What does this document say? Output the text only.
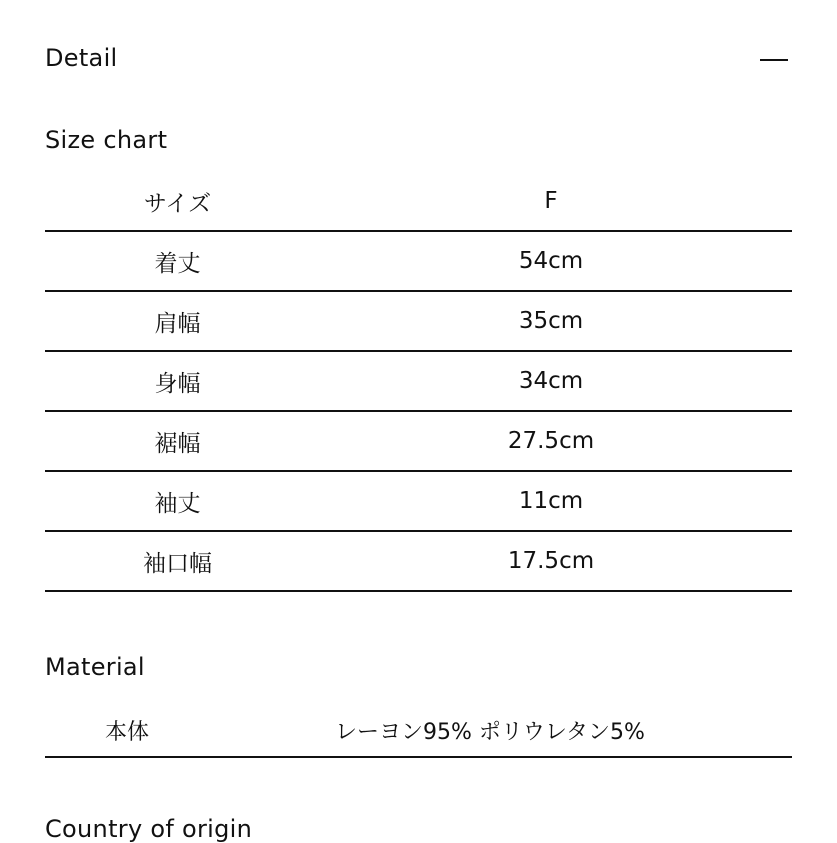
Detail
Size chart
サイズ	F
着丈	54cm
肩幅	35cm
身幅	34cm
裾幅	27.5cm
袖丈	11cm
袖口幅	17.5cm
Material
本体	レーヨン95% ポリウレタン5%
Country of origin
